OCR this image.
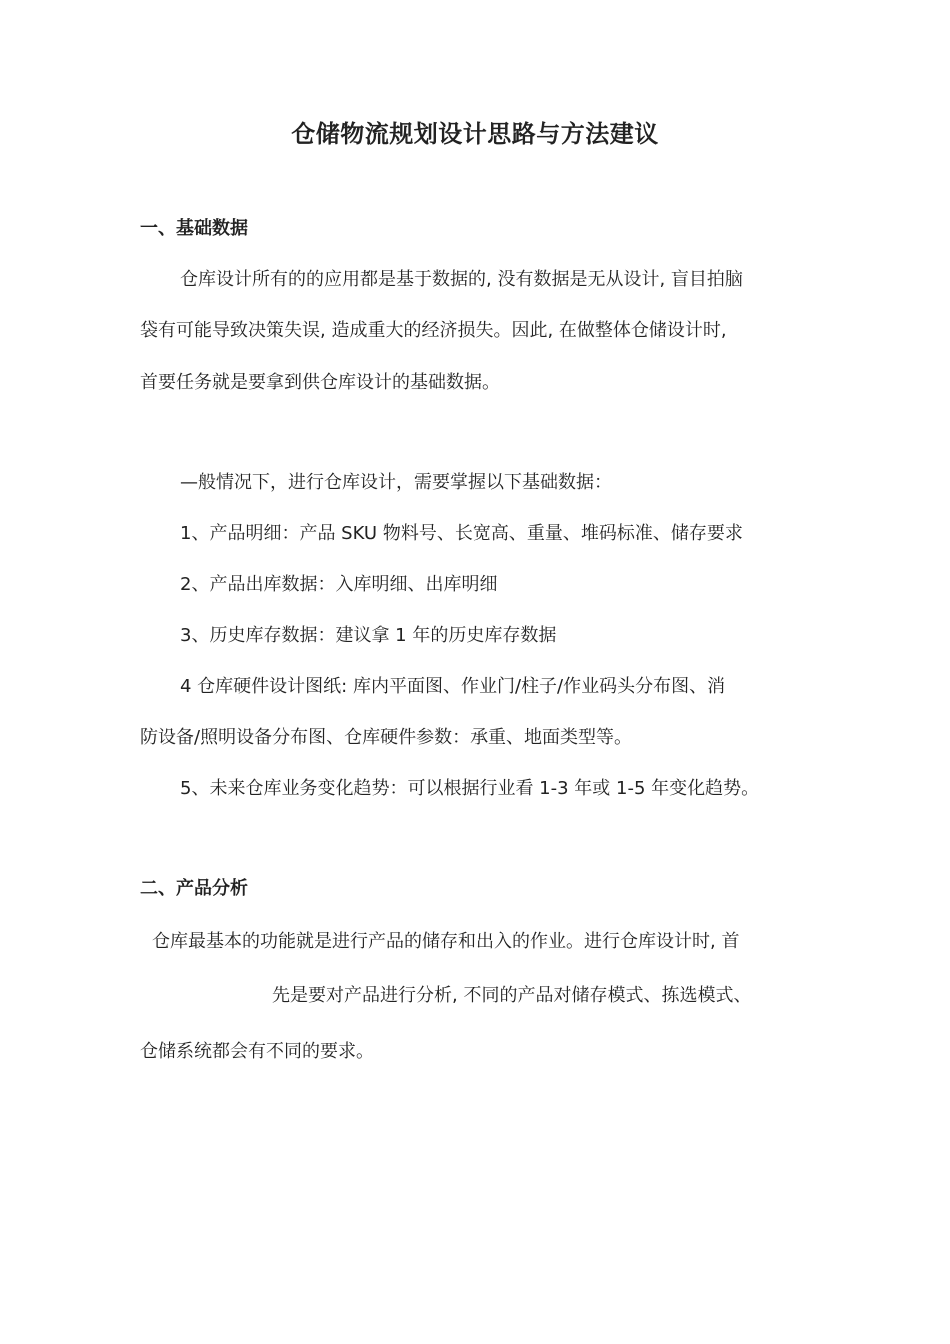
仓储物流规划设计思路与方法建议
一、基础数据
仓库设计所有的的应用都是基于数据的, 没有数据是无从设计, 盲目拍脑
袋有可能导致决策失误, 造成重大的经济损失。因此, 在做整体仓储设计时,
首要任务就是要拿到供仓库设计的基础数据。
—般情况下，进行仓库设计，需要掌握以下基础数据：
1、产品明细：产品 SKU 物料号、长宽高、重量、堆码标准、储存要求
2、产品出库数据：入库明细、出库明细
3、历史库存数据：建议拿 1 年的历史库存数据
4 仓库硬件设计图纸: 库内平面图、作业门/柱子/作业码头分布图、消
防设备/照明设备分布图、仓库硬件参数：承重、地面类型等。
5、未来仓库业务变化趋势：可以根据行业看 1-3 年或 1-5 年变化趋势。
二、产品分析
仓库最基本的功能就是进行产品的储存和出入的作业。进行仓库设计时, 首
先是要对产品进行分析, 不同的产品对储存模式、拣选模式、
仓储系统都会有不同的要求。
